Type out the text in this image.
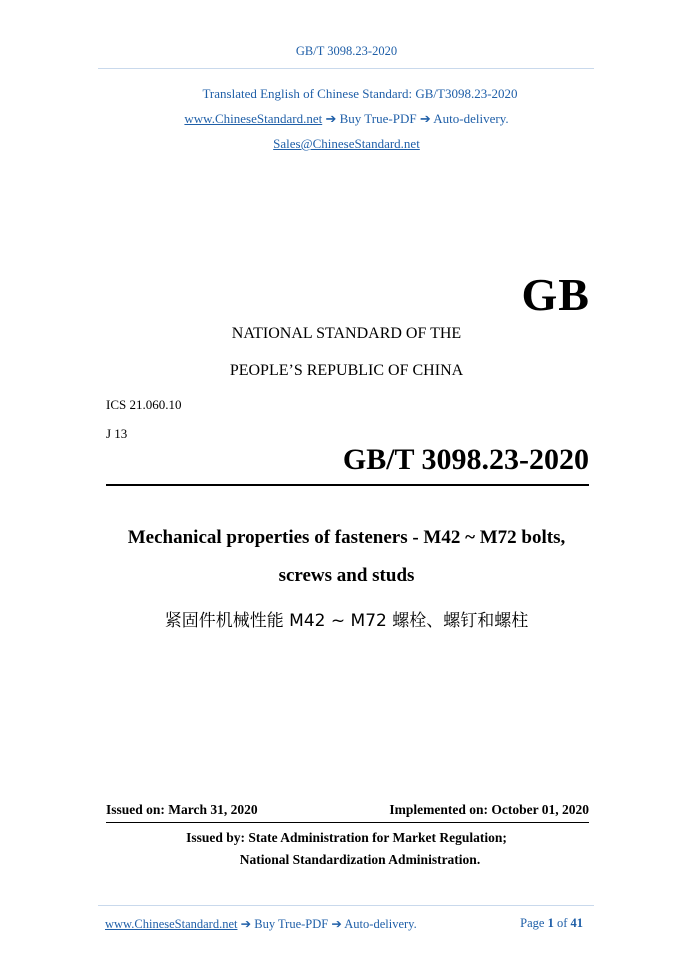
GB/T 3098.23-2020
Translated English of Chinese Standard: GB/T3098.23-2020
www.ChineseStandard.net ➔ Buy True-PDF ➔ Auto-delivery.
Sales@ChineseStandard.net
GB
NATIONAL STANDARD OF THE
PEOPLE’S REPUBLIC OF CHINA
ICS 21.060.10
J 13
GB/T 3098.23-2020
Mechanical properties of fasteners - M42 ~ M72 bolts,
screws and studs
紧固件机械性能 M42 ~ M72 螺栓、螺钉和螺柱
Issued on: March 31, 2020	Implemented on: October 01, 2020
Issued by: State Administration for Market Regulation;
National Standardization Administration.
www.ChineseStandard.net ➔ Buy True-PDF ➔ Auto-delivery.	Page 1 of 41
